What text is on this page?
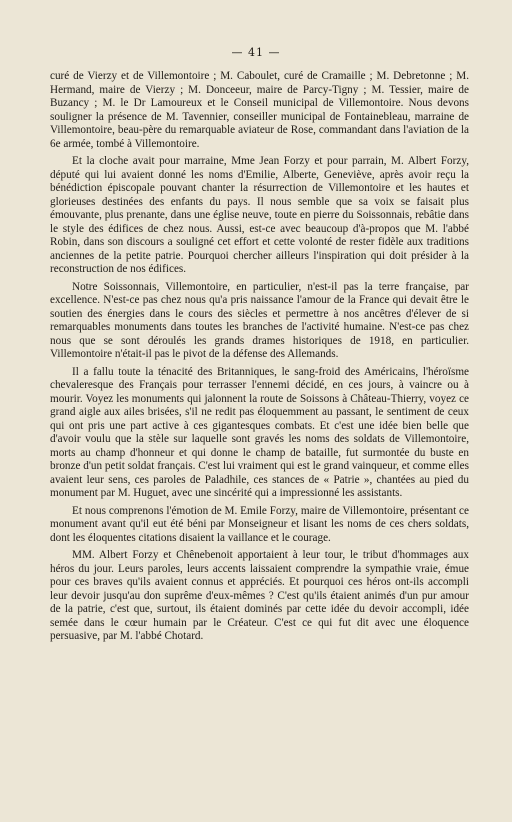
— 41 —

curé de Vierzy et de Villemontoire ; M. Caboulet, curé de Cramaille ; M. Debretonne ; M. Hermand, maire de Vierzy ; M. Donceeur, maire de Parcy-Tigny ; M. Tessier, maire de Buzancy ; M. le Dr Lamoureux et le Conseil municipal de Villemontoire. Nous devons souligner la présence de M. Tavennier, conseiller municipal de Fontainebleau, marraine de Villemontoire, beau-père du remarquable aviateur de Rose, commandant dans l'aviation de la 6e armée, tombé à Villemontoire.

Et la cloche avait pour marraine, Mme Jean Forzy et pour parrain, M. Albert Forzy, député qui lui avaient donné les noms d'Emilie, Alberte, Geneviève, après avoir reçu la bénédiction épiscopale pouvant chanter la résurrection de Villemontoire et les hautes et glorieuses destinées des enfants du pays. Il nous semble que sa voix se faisait plus émouvante, plus prenante, dans une église neuve, toute en pierre du Soissonnais, rebâtie dans le style des édifices de chez nous. Aussi, est-ce avec beaucoup d'à-propos que M. l'abbé Robin, dans son discours a souligné cet effort et cette volonté de rester fidèle aux traditions anciennes de la petite patrie. Pourquoi chercher ailleurs l'inspiration qui doit présider à la reconstruction de nos édifices.

Notre Soissonnais, Villemontoire, en particulier, n'est-il pas la terre française, par excellence. N'est-ce pas chez nous qu'a pris naissance l'amour de la France qui devait être le soutien des énergies dans le cours des siècles et permettre à nos ancêtres d'élever de si remarquables monuments dans toutes les branches de l'activité humaine. N'est-ce pas chez nous que se sont déroulés les grands drames historiques de 1918, en particulier. Villemontoire n'était-il pas le pivot de la défense des Allemands.

Il a fallu toute la ténacité des Britanniques, le sang-froid des Américains, l'héroïsme chevaleresque des Français pour terrasser l'ennemi décidé, en ces jours, à vaincre ou à mourir. Voyez les monuments qui jalonnent la route de Soissons à Château-Thierry, voyez ce grand aigle aux ailes brisées, s'il ne redit pas éloquemment au passant, le sentiment de ceux qui ont pris une part active à ces gigantesques combats. Et c'est une idée bien belle que d'avoir voulu que la stèle sur laquelle sont gravés les noms des soldats de Villemontoire, morts au champ d'honneur et qui donne le champ de bataille, fut surmontée du buste en bronze d'un petit soldat français. C'est lui vraiment qui est le grand vainqueur, et comme elles avaient leur sens, ces paroles de Paladhile, ces stances de « Patrie », chantées au pied du monument par M. Huguet, avec une sincérité qui a impressionné les assistants.

Et nous comprenons l'émotion de M. Emile Forzy, maire de Villemontoire, présentant ce monument avant qu'il eut été béni par Monseigneur et lisant les noms de ces chers soldats, dont les éloquentes citations disaient la vaillance et le courage.

MM. Albert Forzy et Chênebenoit apportaient à leur tour, le tribut d'hommages aux héros du jour. Leurs paroles, leurs accents laissaient comprendre la sympathie vraie, émue pour ces braves qu'ils avaient connus et appréciés. Et pourquoi ces héros ont-ils accompli leur devoir jusqu'au don suprême d'eux-mêmes ? C'est qu'ils étaient animés d'un pur amour de la patrie, c'est que, surtout, ils étaient dominés par cette idée du devoir accompli, idée semée dans le cœur humain par le Créateur. C'est ce qui fut dit avec une éloquence persuasive, par M. l'abbé Chotard.
